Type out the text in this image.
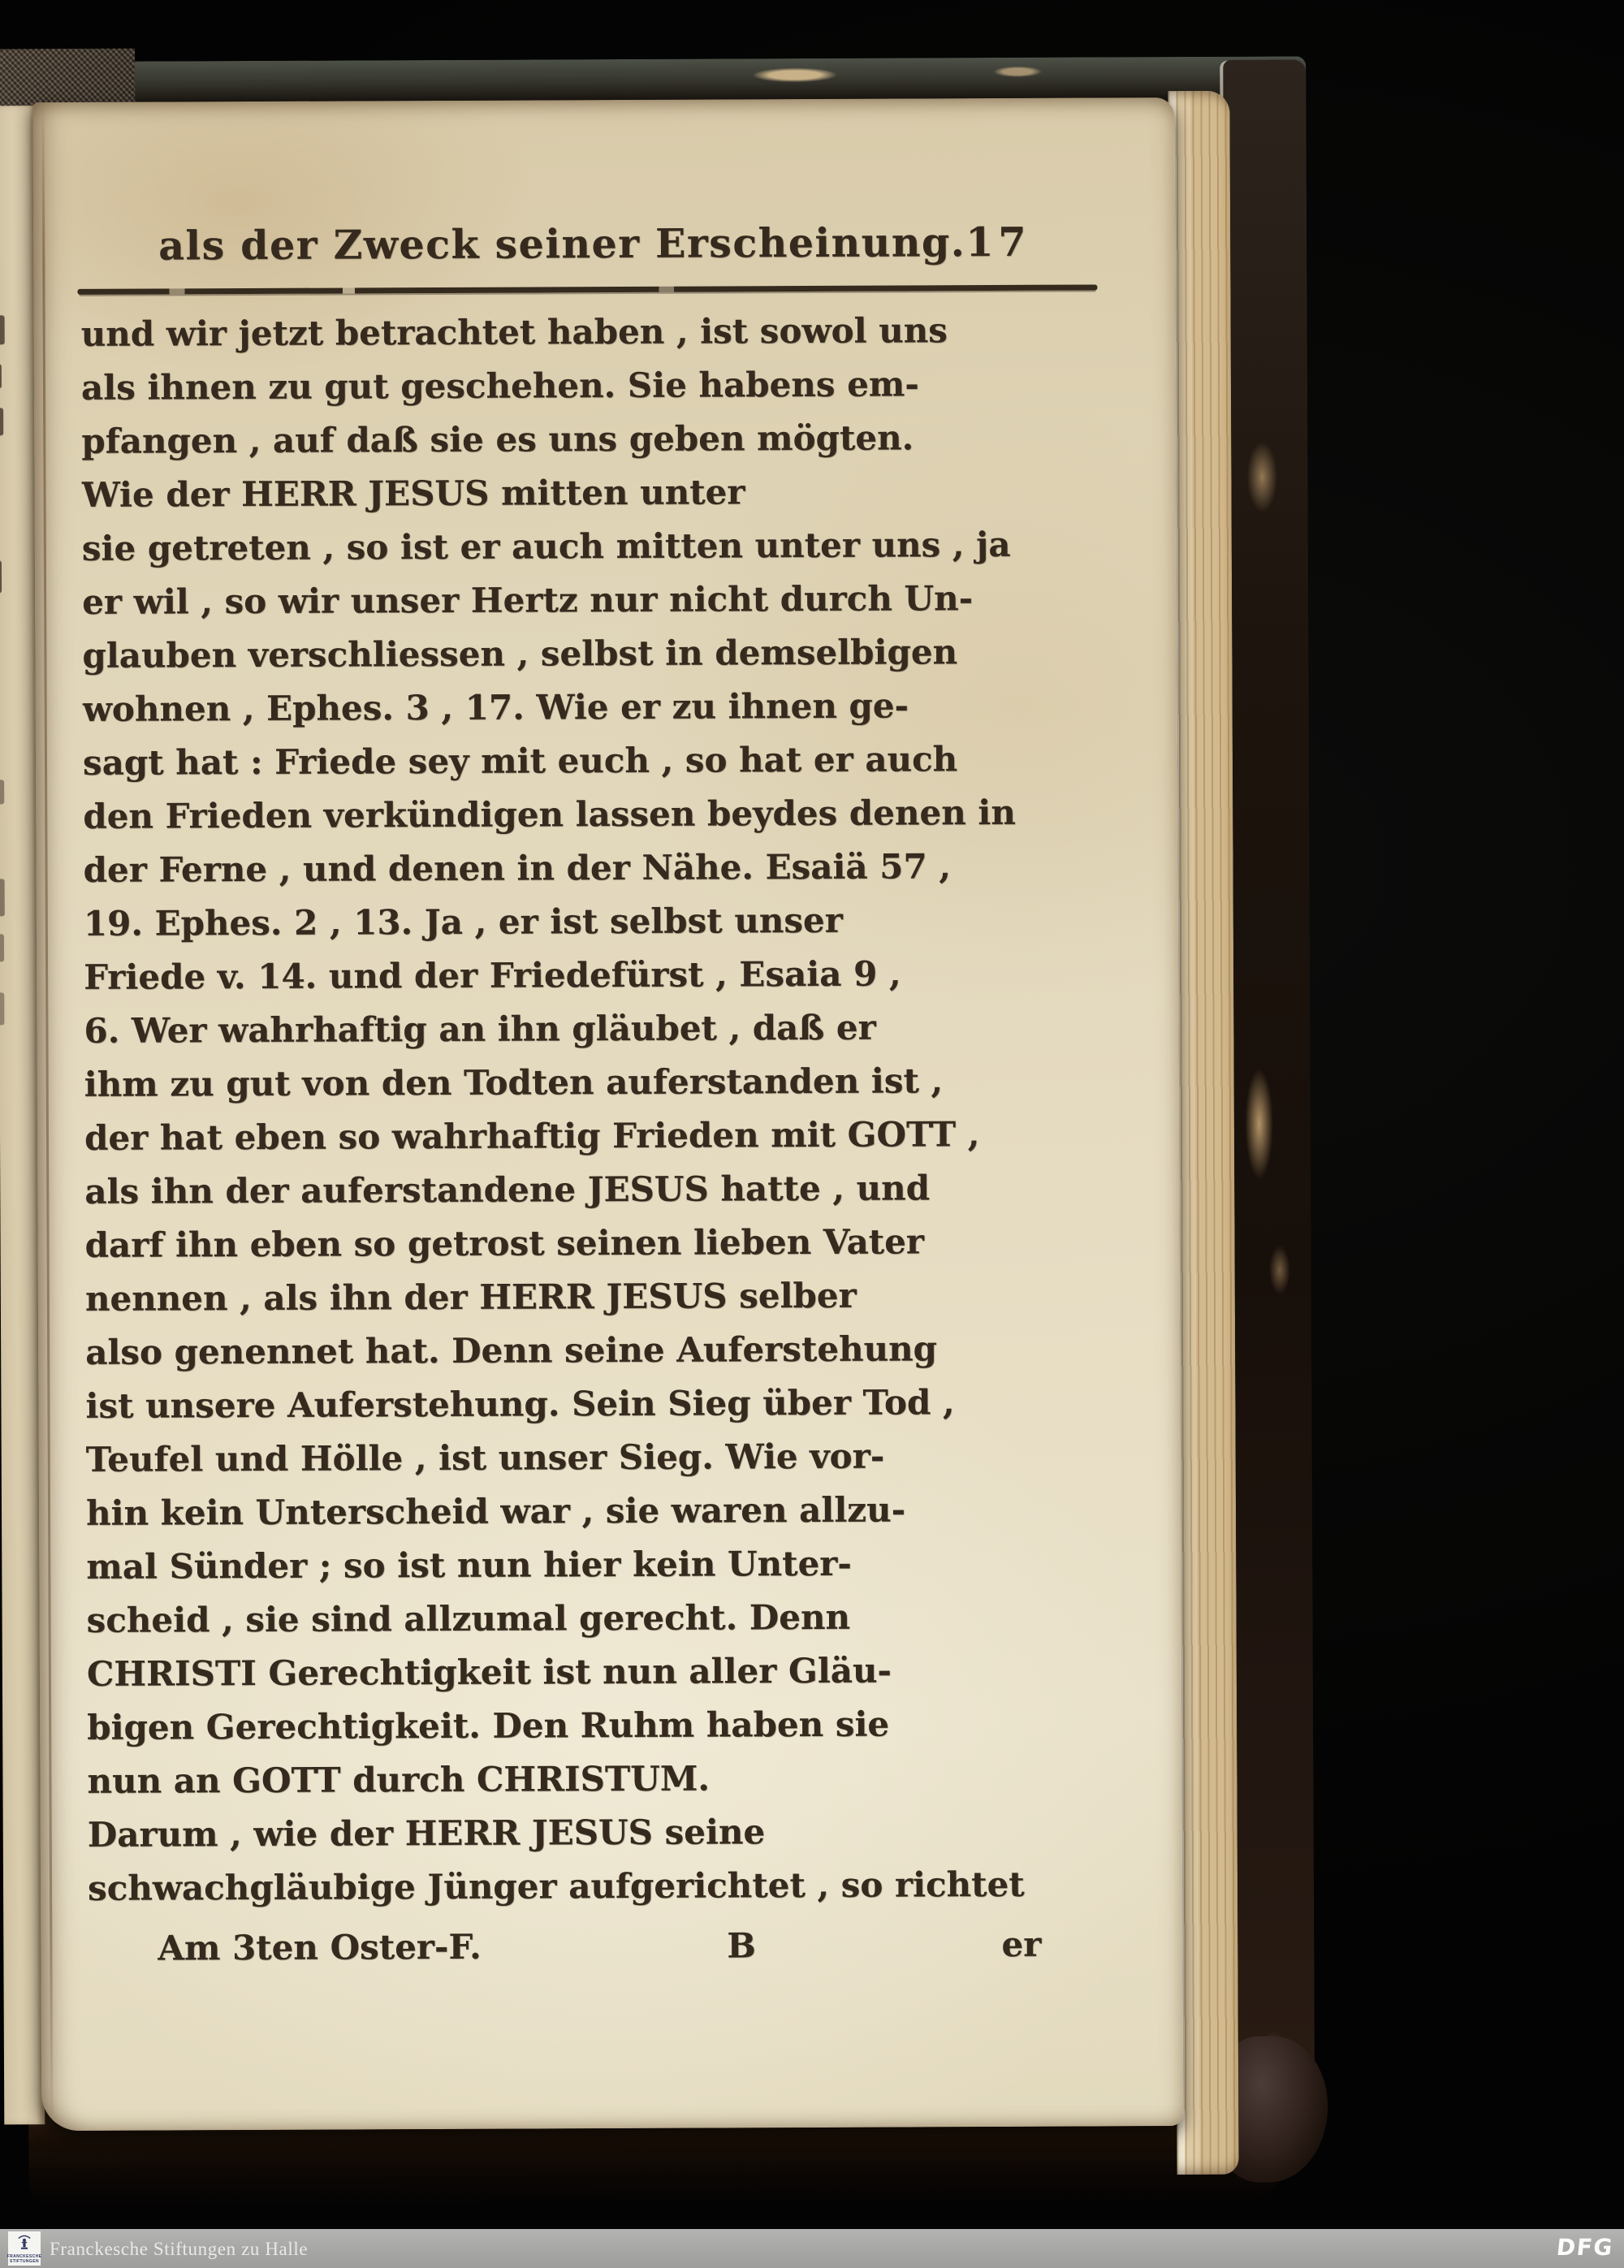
als der Zweck seiner Erscheinung. 17
und wir jetzt betrachtet haben , ist sowol uns
als ihnen zu gut geschehen. Sie habens em-
pfangen , auf daß sie es uns geben mögten.
Wie der HERR JESUS mitten unter
sie getreten , so ist er auch mitten unter uns , ja
er wil , so wir unser Hertz nur nicht durch Un-
glauben verschliessen , selbst in demselbigen
wohnen , Ephes. 3 , 17. Wie er zu ihnen ge-
sagt hat : Friede sey mit euch , so hat er auch
den Frieden verkündigen lassen beydes denen in
der Ferne , und denen in der Nähe. Esaiä 57 ,
19. Ephes. 2 , 13. Ja , er ist selbst unser
Friede v. 14. und der Friedefürst , Esaia 9 ,
6. Wer wahrhaftig an ihn gläubet , daß er
ihm zu gut von den Todten auferstanden ist ,
der hat eben so wahrhaftig Frieden mit GOTT ,
als ihn der auferstandene JESUS hatte , und
darf ihn eben so getrost seinen lieben Vater
nennen , als ihn der HERR JESUS selber
also genennet hat. Denn seine Auferstehung
ist unsere Auferstehung. Sein Sieg über Tod ,
Teufel und Hölle , ist unser Sieg. Wie vor-
hin kein Unterscheid war , sie waren allzu-
mal Sünder ; so ist nun hier kein Unter-
scheid , sie sind allzumal gerecht. Denn
CHRISTI Gerechtigkeit ist nun aller Gläu-
bigen Gerechtigkeit. Den Ruhm haben sie
nun an GOTT durch CHRISTUM.
Darum , wie der HERR JESUS seine
schwachgläubige Jünger aufgerichtet , so richtet
Am 3ten Oster-F.	B	er
FRANCKESCHE
STIFTUNGEN
Franckesche Stiftungen zu Halle	DFG
